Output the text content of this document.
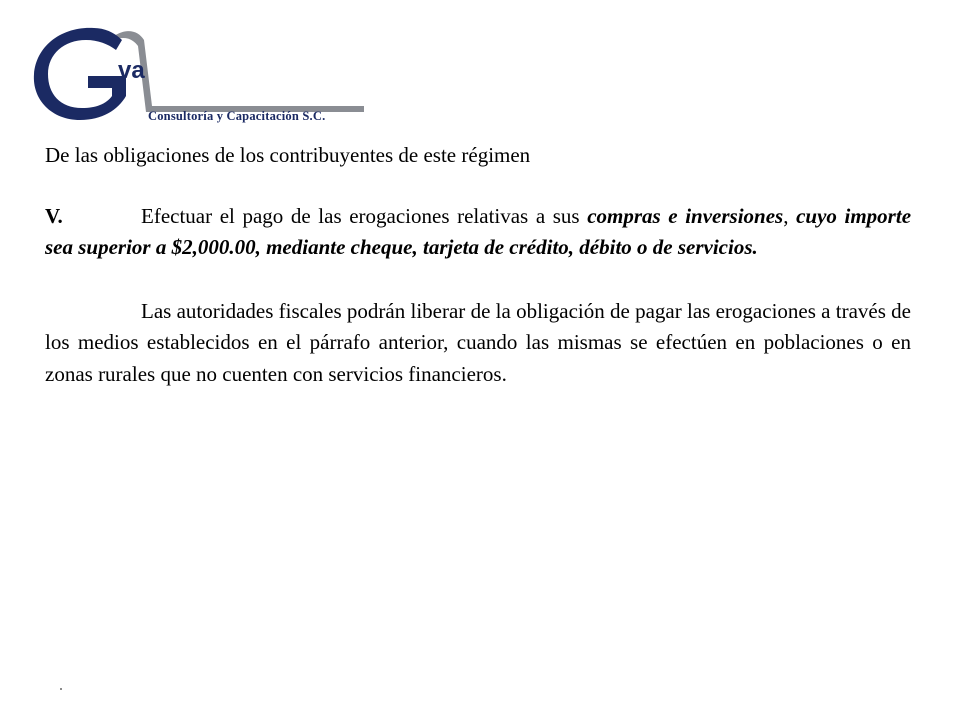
va
Consultoría y Capacitación S.C.

De las obligaciones de los contribuyentes de este régimen

V.	Efectuar el pago de las erogaciones relativas a sus compras e inversiones, cuyo importe sea superior a $2,000.00, mediante cheque, tarjeta de crédito, débito o de servicios.

Las autoridades fiscales podrán liberar de la obligación de pagar las erogaciones a través de los medios establecidos en el párrafo anterior, cuando las mismas se efectúen en poblaciones o en zonas rurales que no cuenten con servicios financieros.
